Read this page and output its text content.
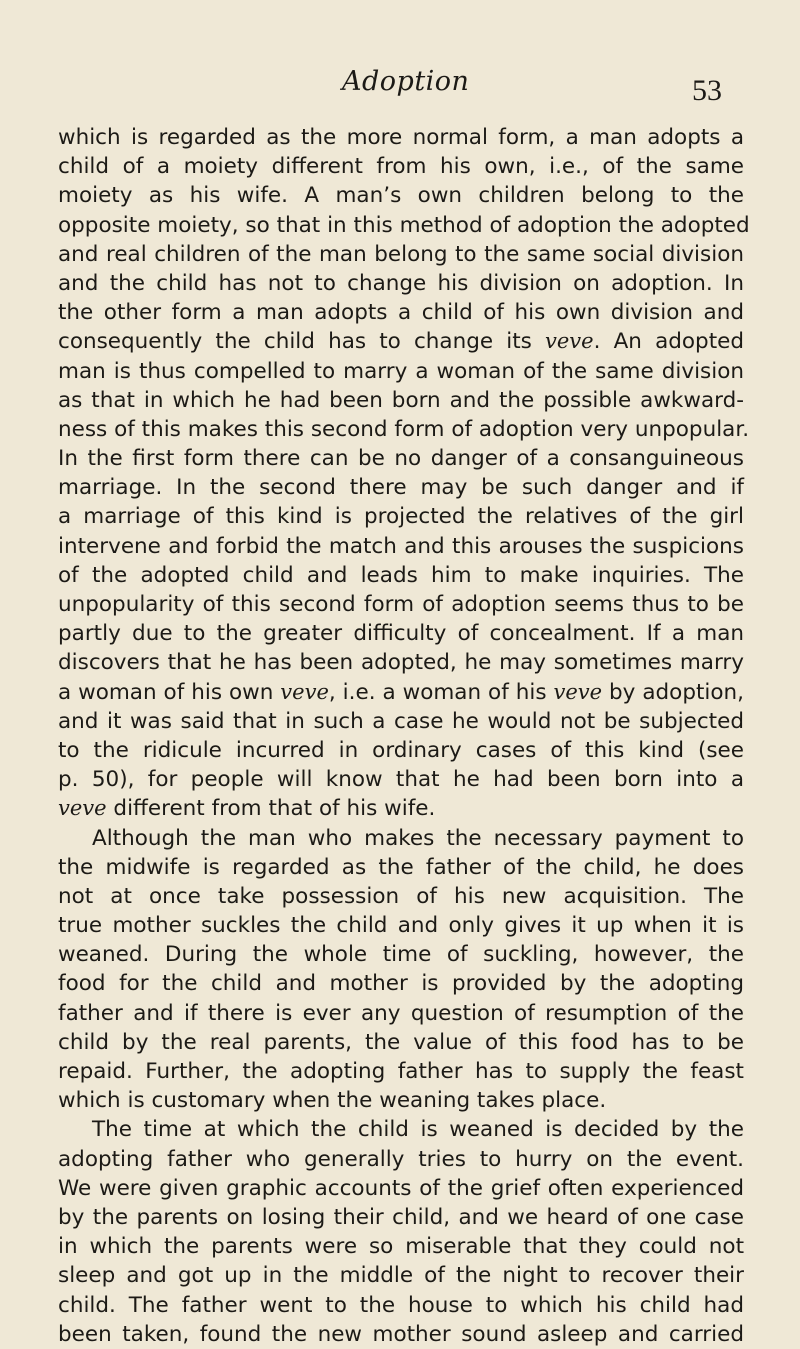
Adoption	53
which is regarded as the more normal form, a man adopts a
child of a moiety different from his own, i.e., of the same
moiety as his wife. A man’s own children belong to the
opposite moiety, so that in this method of adoption the adopted
and real children of the man belong to the same social division
and the child has not to change his division on adoption. In
the other form a man adopts a child of his own division and
consequently the child has to change its veve. An adopted
man is thus compelled to marry a woman of the same division
as that in which he had been born and the possible awkward-
ness of this makes this second form of adoption very unpopular.
In the first form there can be no danger of a consanguineous
marriage. In the second there may be such danger and if
a marriage of this kind is projected the relatives of the girl
intervene and forbid the match and this arouses the suspicions
of the adopted child and leads him to make inquiries. The
unpopularity of this second form of adoption seems thus to be
partly due to the greater difficulty of concealment. If a man
discovers that he has been adopted, he may sometimes marry
a woman of his own veve, i.e. a woman of his veve by adoption,
and it was said that in such a case he would not be subjected
to the ridicule incurred in ordinary cases of this kind (see
p. 50), for people will know that he had been born into a
veve different from that of his wife.
Although the man who makes the necessary payment to
the midwife is regarded as the father of the child, he does
not at once take possession of his new acquisition. The
true mother suckles the child and only gives it up when it is
weaned. During the whole time of suckling, however, the
food for the child and mother is provided by the adopting
father and if there is ever any question of resumption of the
child by the real parents, the value of this food has to be
repaid. Further, the adopting father has to supply the feast
which is customary when the weaning takes place.
The time at which the child is weaned is decided by the
adopting father who generally tries to hurry on the event.
We were given graphic accounts of the grief often experienced
by the parents on losing their child, and we heard of one case
in which the parents were so miserable that they could not
sleep and got up in the middle of the night to recover their
child. The father went to the house to which his child had
been taken, found the new mother sound asleep and carried
